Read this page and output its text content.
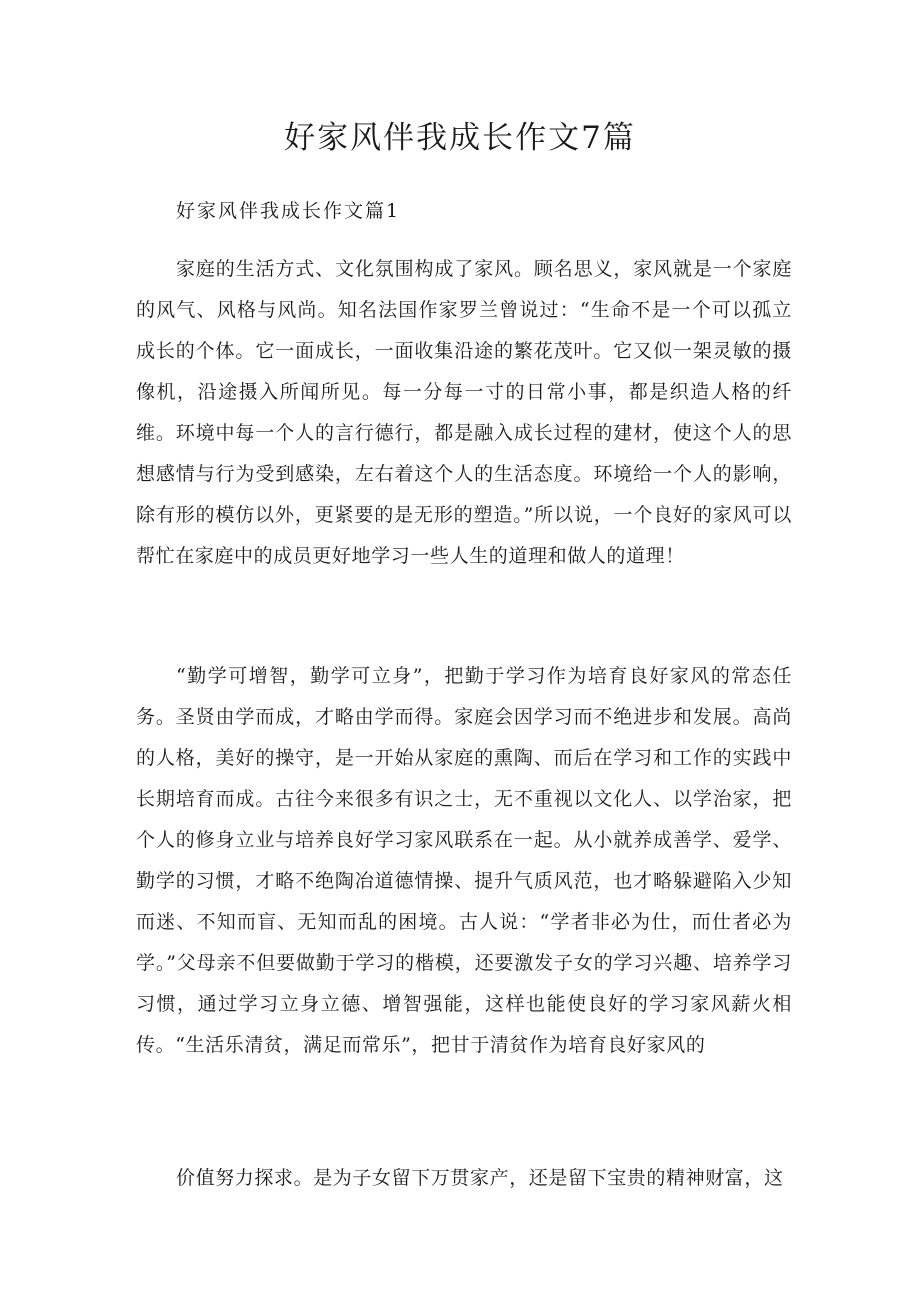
好家风伴我成长作文7篇

好家风伴我成长作文篇1

家庭的生活方式、文化氛围构成了家风。顾名思义，家风就是一个家庭的风气、风格与风尚。知名法国作家罗兰曾说过：“生命不是一个可以孤立成长的个体。它一面成长，一面收集沿途的繁花茂叶。它又似一架灵敏的摄像机，沿途摄入所闻所见。每一分每一寸的日常小事，都是织造人格的纤维。环境中每一个人的言行德行，都是融入成长过程的建材，使这个人的思想感情与行为受到感染，左右着这个人的生活态度。环境给一个人的影响，除有形的模仿以外，更紧要的是无形的塑造。”所以说，一个良好的家风可以帮忙在家庭中的成员更好地学习一些人生的道理和做人的道理！

“勤学可增智，勤学可立身”，把勤于学习作为培育良好家风的常态任务。圣贤由学而成，才略由学而得。家庭会因学习而不绝进步和发展。高尚的人格，美好的操守，是一开始从家庭的熏陶、而后在学习和工作的实践中长期培育而成。古往今来很多有识之士，无不重视以文化人、以学治家，把个人的修身立业与培养良好学习家风联系在一起。从小就养成善学、爱学、勤学的习惯，才略不绝陶冶道德情操、提升气质风范，也才略躲避陷入少知而迷、不知而盲、无知而乱的困境。古人说：“学者非必为仕，而仕者必为学。”父母亲不但要做勤于学习的楷模，还要激发子女的学习兴趣、培养学习习惯，通过学习立身立德、增智强能，这样也能使良好的学习家风薪火相传。“生活乐清贫，满足而常乐”，把甘于清贫作为培育良好家风的

价值努力探求。是为子女留下万贯家产，还是留下宝贵的精神财富，这
